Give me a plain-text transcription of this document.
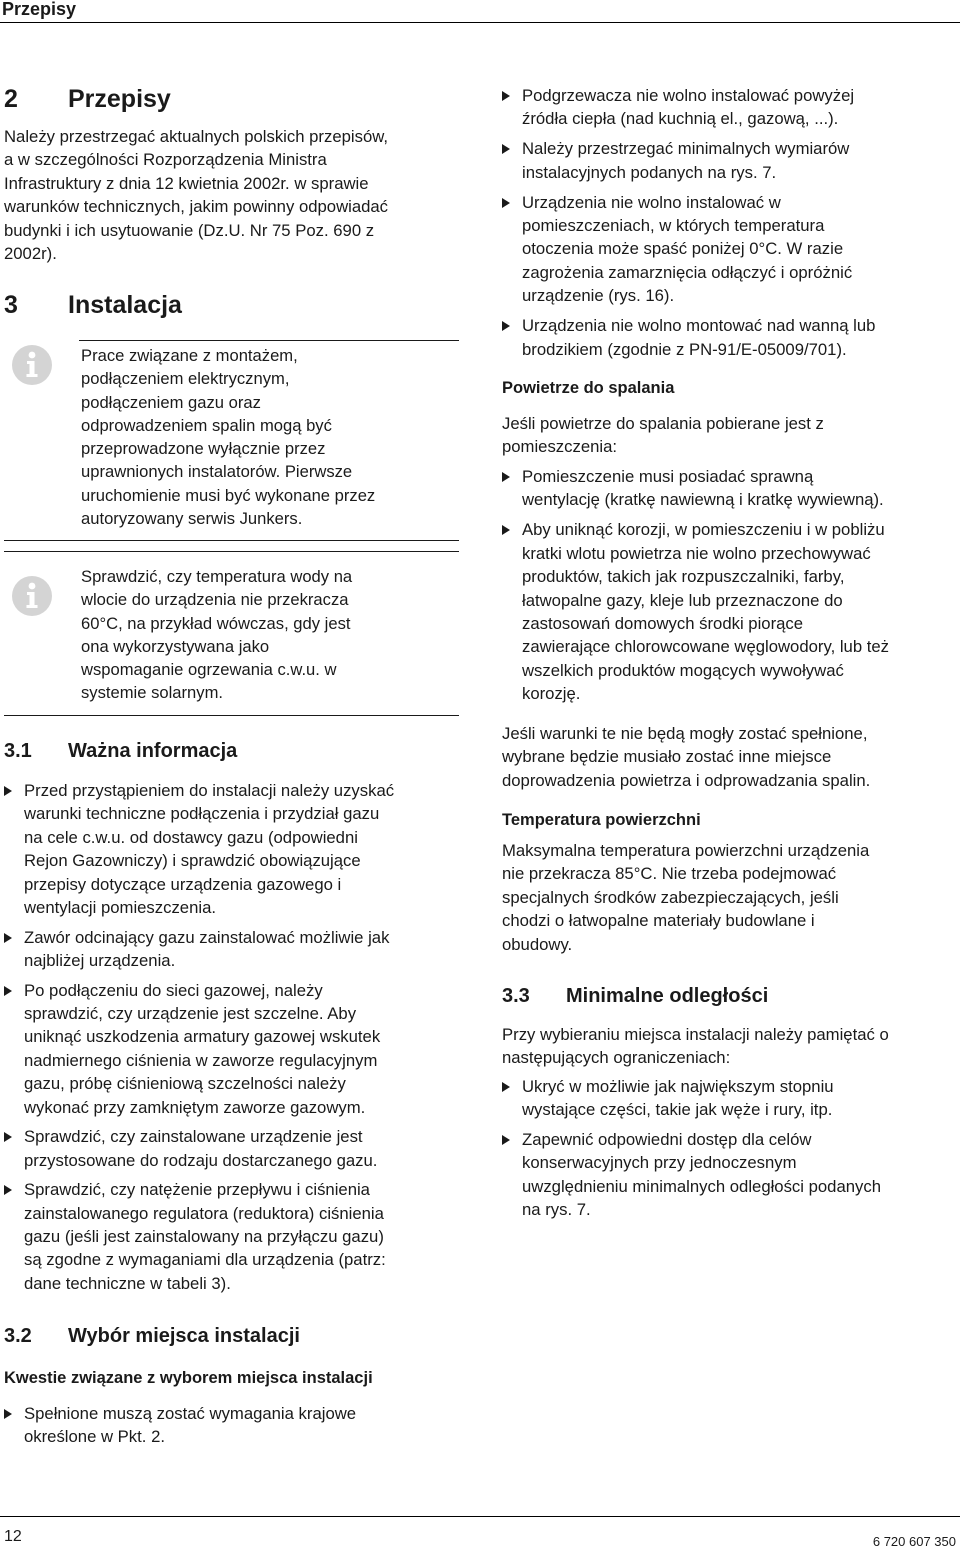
Przepisy
2 Przepisy
Należy przestrzegać aktualnych polskich przepisów,
a w szczególności Rozporządzenia Ministra
Infrastruktury z dnia 12 kwietnia 2002r. w sprawie
warunków technicznych, jakim powinny odpowiadać
budynki i ich usytuowanie (Dz.U. Nr 75 Poz. 690 z
2002r).
3 Instalacja
Prace związane z montażem,
podłączeniem elektrycznym,
podłączeniem gazu oraz
odprowadzeniem spalin mogą być
przeprowadzone wyłącznie przez
uprawnionych instalatorów. Pierwsze
uruchomienie musi być wykonane przez
autoryzowany serwis Junkers.
Sprawdzić, czy temperatura wody na
wlocie do urządzenia nie przekracza
60°C, na przykład wówczas, gdy jest
ona wykorzystywana jako
wspomaganie ogrzewania c.w.u. w
systemie solarnym.
3.1 Ważna informacja
Przed przystąpieniem do instalacji należy uzyskać
warunki techniczne podłączenia i przydział gazu
na cele c.w.u. od dostawcy gazu (odpowiedni
Rejon Gazowniczy) i sprawdzić obowiązujące
przepisy dotyczące urządzenia gazowego i
wentylacji pomieszczenia.
Zawór odcinający gazu zainstalować możliwie jak
najbliżej urządzenia.
Po podłączeniu do sieci gazowej, należy
sprawdzić, czy urządzenie jest szczelne. Aby
uniknąć uszkodzenia armatury gazowej wskutek
nadmiernego ciśnienia w zaworze regulacyjnym
gazu, próbę ciśnieniową szczelności należy
wykonać przy zamkniętym zaworze gazowym.
Sprawdzić, czy zainstalowane urządzenie jest
przystosowane do rodzaju dostarczanego gazu.
Sprawdzić, czy natężenie przepływu i ciśnienia
zainstalowanego regulatora (reduktora) ciśnienia
gazu (jeśli jest zainstalowany na przyłączu gazu)
są zgodne z wymaganiami dla urządzenia (patrz:
dane techniczne w tabeli 3).
3.2 Wybór miejsca instalacji
Kwestie związane z wyborem miejsca instalacji
Spełnione muszą zostać wymagania krajowe
określone w Pkt. 2.
Podgrzewacza nie wolno instalować powyżej
źródła ciepła (nad kuchnią el., gazową, ...).
Należy przestrzegać minimalnych wymiarów
instalacyjnych podanych na rys. 7.
Urządzenia nie wolno instalować w
pomieszczeniach, w których temperatura
otoczenia może spaść poniżej 0°C. W razie
zagrożenia zamarznięcia odłączyć i opróżnić
urządzenie (rys. 16).
Urządzenia nie wolno montować nad wanną lub
brodzikiem (zgodnie z PN-91/E-05009/701).
Powietrze do spalania
Jeśli powietrze do spalania pobierane jest z
pomieszczenia:
Pomieszczenie musi posiadać sprawną
wentylację (kratkę nawiewną i kratkę wywiewną).
Aby uniknąć korozji, w pomieszczeniu i w pobliżu
kratki wlotu powietrza nie wolno przechowywać
produktów, takich jak rozpuszczalniki, farby,
łatwopalne gazy, kleje lub przeznaczone do
zastosowań domowych środki piorące
zawierające chlorowcowane węglowodory, lub też
wszelkich produktów mogących wywoływać
korozję.
Jeśli warunki te nie będą mogły zostać spełnione,
wybrane będzie musiało zostać inne miejsce
doprowadzenia powietrza i odprowadzania spalin.
Temperatura powierzchni
Maksymalna temperatura powierzchni urządzenia
nie przekracza 85°C. Nie trzeba podejmować
specjalnych środków zabezpieczających, jeśli
chodzi o łatwopalne materiały budowlane i
obudowy.
3.3 Minimalne odległości
Przy wybieraniu miejsca instalacji należy pamiętać o
następujących ograniczeniach:
Ukryć w możliwie jak największym stopniu
wystające części, takie jak węże i rury, itp.
Zapewnić odpowiedni dostęp dla celów
konserwacyjnych przy jednoczesnym
uwzględnieniu minimalnych odległości podanych
na rys. 7.
12	6 720 607 350
